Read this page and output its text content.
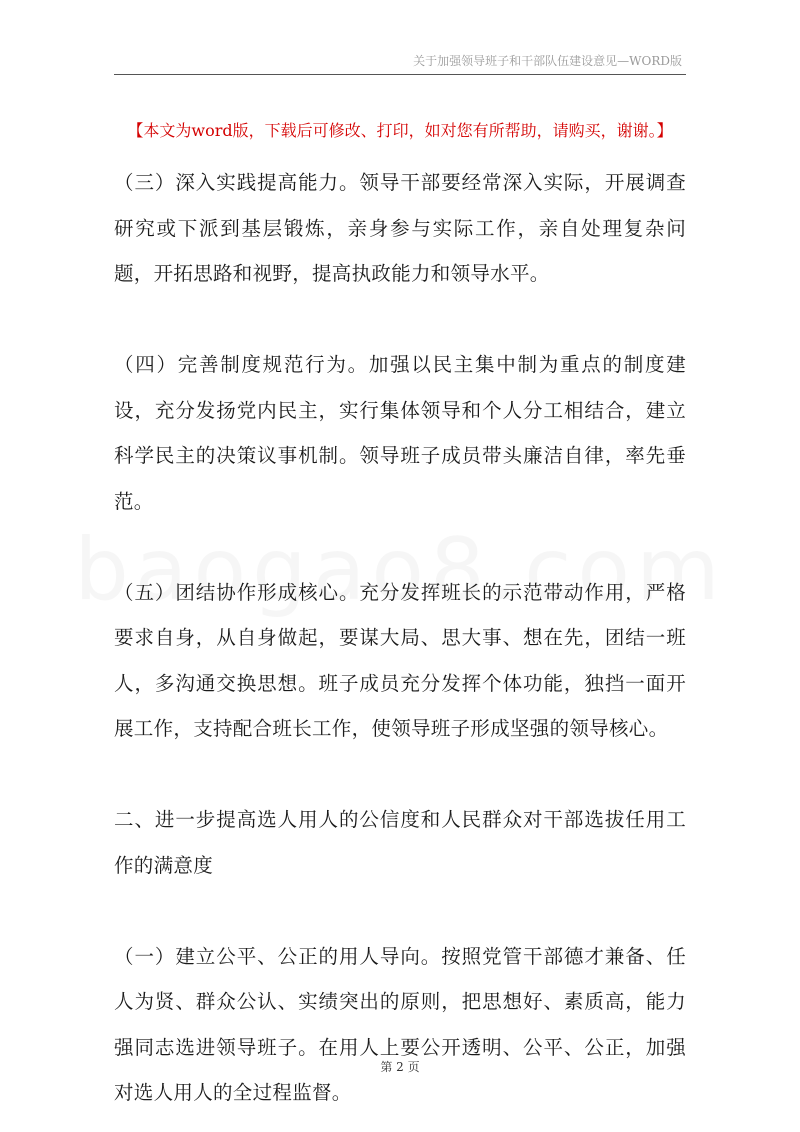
关于加强领导班子和干部队伍建设意见—WORD版
【本文为word版，下载后可修改、打印，如对您有所帮助，请购买，谢谢。】

（三）深入实践提高能力。领导干部要经常深入实际，开展调查研究或下派到基层锻炼，亲身参与实际工作，亲自处理复杂问题，开拓思路和视野，提高执政能力和领导水平。

（四）完善制度规范行为。加强以民主集中制为重点的制度建设，充分发扬党内民主，实行集体领导和个人分工相结合，建立科学民主的决策议事机制。领导班子成员带头廉洁自律，率先垂范。

（五）团结协作形成核心。充分发挥班长的示范带动作用，严格要求自身，从自身做起，要谋大局、思大事、想在先，团结一班人，多沟通交换思想。班子成员充分发挥个体功能，独挡一面开展工作，支持配合班长工作，使领导班子形成坚强的领导核心。

二、进一步提高选人用人的公信度和人民群众对干部选拔任用工作的满意度

（一）建立公平、公正的用人导向。按照党管干部德才兼备、任人为贤、群众公认、实绩突出的原则，把思想好、素质高，能力强同志选进领导班子。在用人上要公开透明、公平、公正，加强对选人用人的全过程监督。

第 2 页
